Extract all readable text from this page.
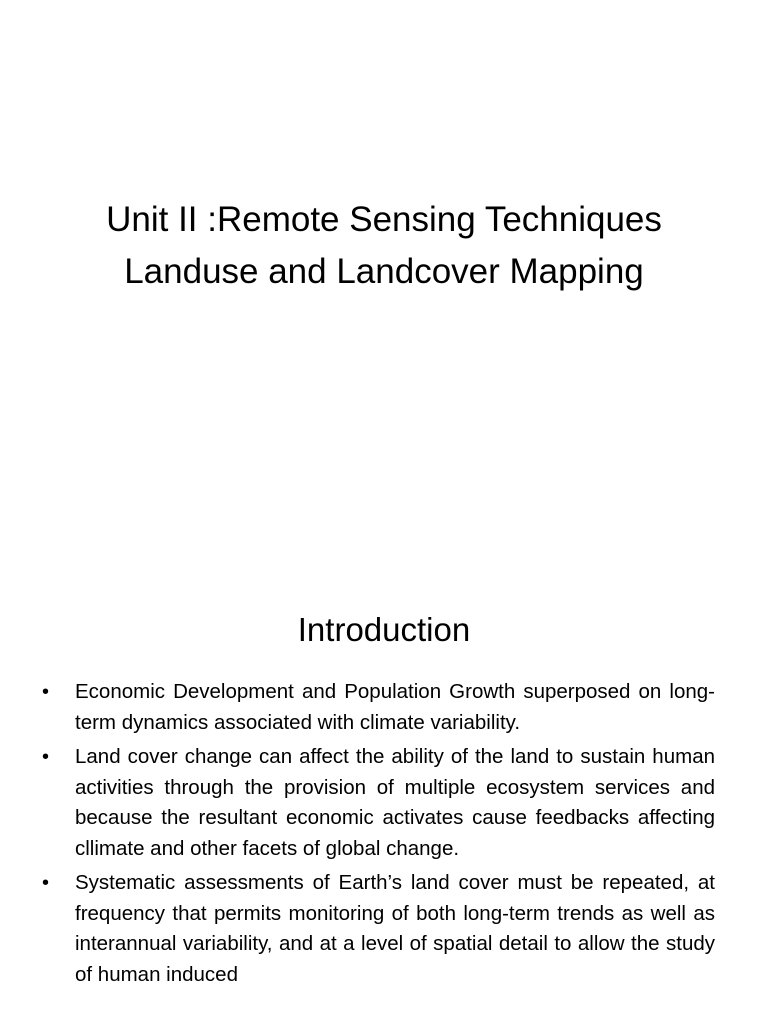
Unit II :Remote Sensing Techniques
Landuse and Landcover Mapping
Introduction
• Economic Development and Population Growth superposed on long-term dynamics associated with climate variability.
• Land cover change can affect the ability of the land to sustain human activities through the provision of multiple ecosystem services and because the resultant economic activates cause feedbacks affecting cllimate and other facets of global change.
• Systematic assessments of Earth’s land cover must be repeated, at frequency that permits monitoring of both long-term trends as well as interannual variability, and at a level of spatial detail to allow the study of human induced
